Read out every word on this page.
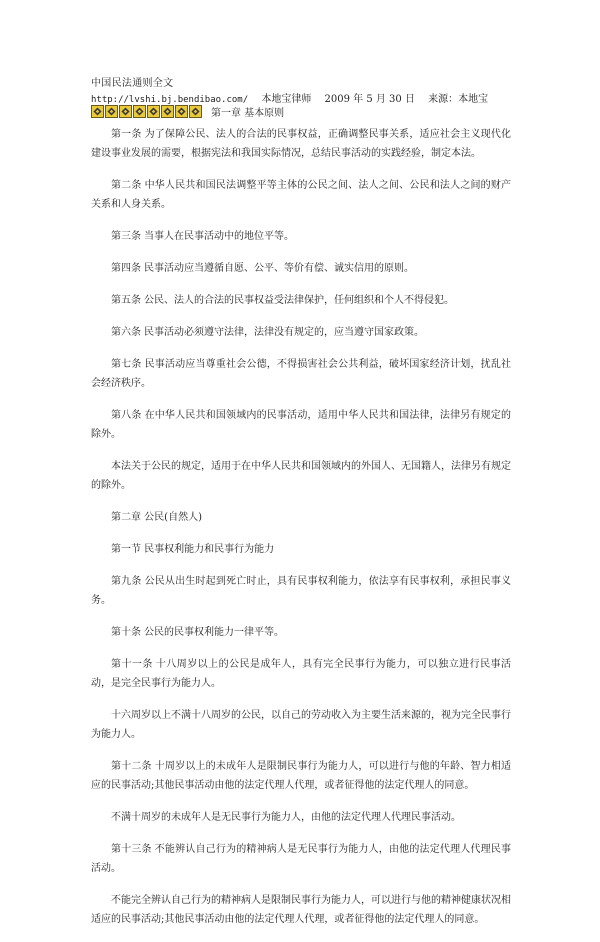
中国民法通则全文
http://lvshi.bj.bendibao.com/ 本地宝律师 2009 年 5 月 30 日 来源：本地宝
第一章 基本原则

第一条 为了保障公民、法人的合法的民事权益，正确调整民事关系，适应社会主义现代化建设事业发展的需要，根据宪法和我国实际情况，总结民事活动的实践经验，制定本法。

第二条 中华人民共和国民法调整平等主体的公民之间、法人之间、公民和法人之间的财产关系和人身关系。

第三条 当事人在民事活动中的地位平等。

第四条 民事活动应当遵循自愿、公平、等价有偿、诚实信用的原则。

第五条 公民、法人的合法的民事权益受法律保护，任何组织和个人不得侵犯。

第六条 民事活动必须遵守法律，法律没有规定的，应当遵守国家政策。

第七条 民事活动应当尊重社会公德，不得损害社会公共利益，破坏国家经济计划，扰乱社会经济秩序。

第八条 在中华人民共和国领域内的民事活动，适用中华人民共和国法律，法律另有规定的除外。

本法关于公民的规定，适用于在中华人民共和国领域内的外国人、无国籍人，法律另有规定的除外。

第二章 公民(自然人)

第一节 民事权利能力和民事行为能力

第九条 公民从出生时起到死亡时止，具有民事权利能力，依法享有民事权利，承担民事义务。

第十条 公民的民事权利能力一律平等。

第十一条 十八周岁以上的公民是成年人，具有完全民事行为能力，可以独立进行民事活动，是完全民事行为能力人。

十六周岁以上不满十八周岁的公民，以自己的劳动收入为主要生活来源的，视为完全民事行为能力人。

第十二条 十周岁以上的未成年人是限制民事行为能力人，可以进行与他的年龄、智力相适应的民事活动;其他民事活动由他的法定代理人代理，或者征得他的法定代理人的同意。

不满十周岁的未成年人是无民事行为能力人，由他的法定代理人代理民事活动。

第十三条 不能辨认自己行为的精神病人是无民事行为能力人，由他的法定代理人代理民事活动。

不能完全辨认自己行为的精神病人是限制民事行为能力人，可以进行与他的精神健康状况相适应的民事活动;其他民事活动由他的法定代理人代理，或者征得他的法定代理人的同意。
